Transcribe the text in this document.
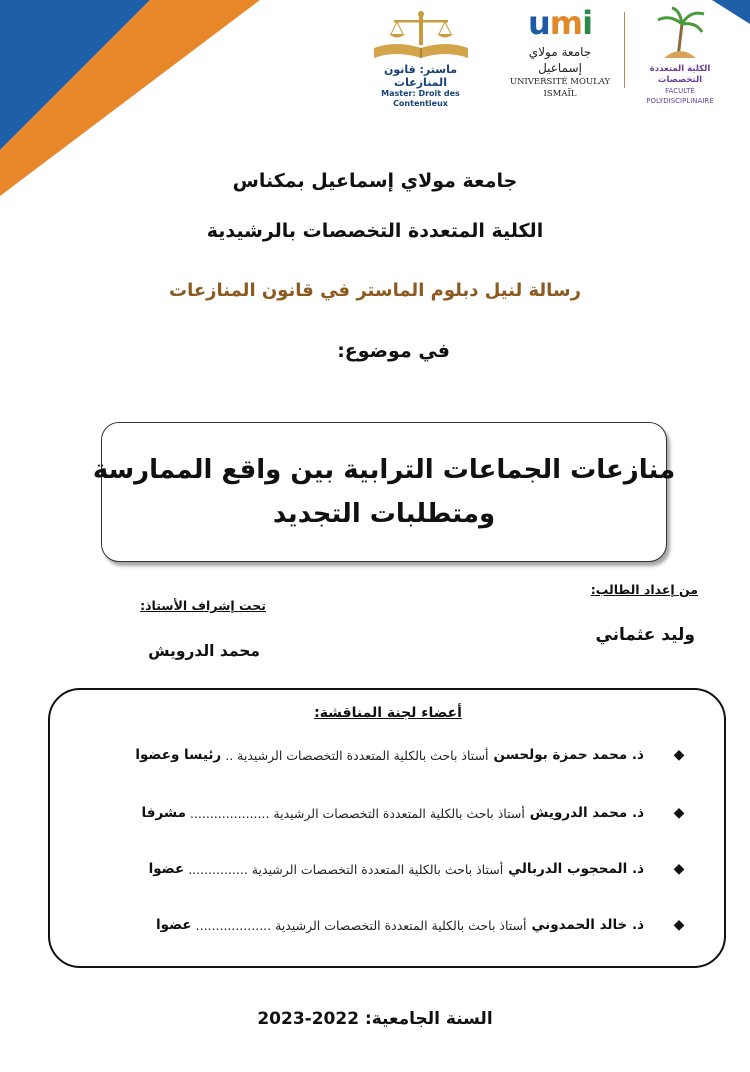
ماستر: قانون المنازعات
Master: Droit des Contentieux
umi
جامعة مولاي إسماعيل
UNIVERSITÉ MOULAY ISMAÏL
الكلية المتعددة التخصصات
FACULTÉ POLYDISCIPLINAIRE
جامعة مولاي إسماعيل بمكناس
الكلية المتعددة التخصصات بالرشيدية
رسالة لنيل دبلوم الماستر في قانون المنازعات
في موضوع:
منازعات الجماعات الترابية بين واقع الممارسة
ومتطلبات التجديد
من إعداد الطالب:
وليد عثماني
تحت إشراف الأستاذ:
محمد الدرويش
أعضاء لجنة المناقشة:
◆
ذ. محمد حمزة بولحسن
أستاذ باحث بالكلية المتعددة التخصصات الرشيدية ..
رئيسا وعضوا
◆
ذ. محمد الدرويش
أستاذ باحث بالكلية المتعددة التخصصات الرشيدية ....................
مشرفا
◆
ذ. المحجوب الدربالي
أستاذ باحث بالكلية المتعددة التخصصات الرشيدية ...............
عضوا
◆
ذ. خالد الحمدوني
أستاذ باحث بالكلية المتعددة التخصصات الرشيدية ...................
عضوا
السنة الجامعية: 2023-2022
